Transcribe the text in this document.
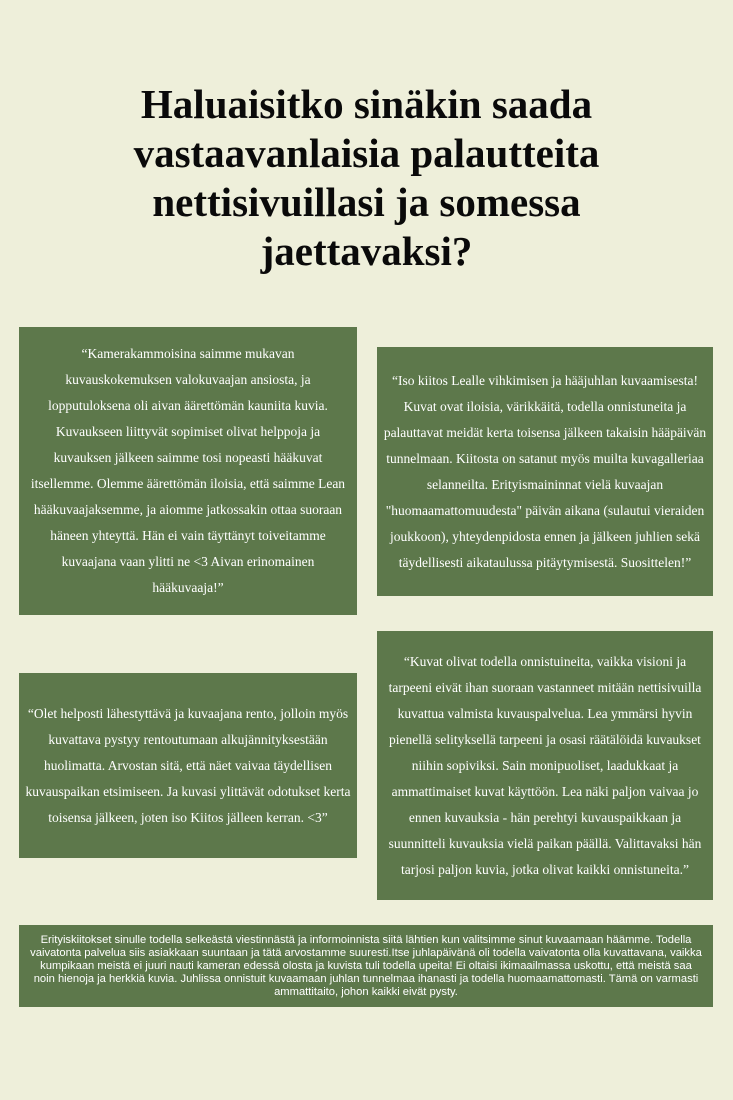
Haluaisitko sinäkin saada vastaavanlaisia palautteita nettisivuillasi ja somessa jaettavaksi?

“Kamerakammoisina saimme mukavan kuvauskokemuksen valokuvaajan ansiosta, ja lopputuloksena oli aivan äärettömän kauniita kuvia. Kuvaukseen liittyvät sopimiset olivat helppoja ja kuvauksen jälkeen saimme tosi nopeasti hääkuvat itsellemme. Olemme äärettömän iloisia, että saimme Lean hääkuvaajaksemme, ja aiomme jatkossakin ottaa suoraan häneen yhteyttä. Hän ei vain täyttänyt toiveitamme kuvaajana vaan ylitti ne <3 Aivan erinomainen hääkuvaaja!”

“Iso kiitos Lealle vihkimisen ja hääjuhlan kuvaamisesta! Kuvat ovat iloisia, värikkäitä, todella onnistuneita ja palauttavat meidät kerta toisensa jälkeen takaisin hääpäivän tunnelmaan. Kiitosta on satanut myös muilta kuvagalleriaa selanneilta. Erityismaininnat vielä kuvaajan "huomaamattomuudesta" päivän aikana (sulautui vieraiden joukkoon), yhteydenpidosta ennen ja jälkeen juhlien sekä täydellisesti aikataulussa pitäytymisestä. Suosittelen!”

“Olet helposti lähestyttävä ja kuvaajana rento, jolloin myös kuvattava pystyy rentoutumaan alkujännityksestään huolimatta. Arvostan sitä, että näet vaivaa täydellisen kuvauspaikan etsimiseen. Ja kuvasi ylittävät odotukset kerta toisensa jälkeen, joten iso Kiitos jälleen kerran. <3”

“Kuvat olivat todella onnistuineita, vaikka visioni ja tarpeeni eivät ihan suoraan vastanneet mitään nettisivuilla kuvattua valmista kuvauspalvelua. Lea ymmärsi hyvin pienellä selityksellä tarpeeni ja osasi räätälöidä kuvaukset niihin sopiviksi. Sain monipuoliset, laadukkaat ja ammattimaiset kuvat käyttöön. Lea näki paljon vaivaa jo ennen kuvauksia - hän perehtyi kuvauspaikkaan ja suunnitteli kuvauksia vielä paikan päällä. Valittavaksi hän tarjosi paljon kuvia, jotka olivat kaikki onnistuneita.”

Erityiskiitokset sinulle todella selkeästä viestinnästä ja informoinnista siitä lähtien kun valitsimme sinut kuvaamaan häämme. Todella vaivatonta palvelua siis asiakkaan suuntaan ja tätä arvostamme suuresti.Itse juhlapäivänä oli todella vaivatonta olla kuvattavana, vaikka kumpikaan meistä ei juuri nauti kameran edessä olosta ja kuvista tuli todella upeita! Ei oltaisi ikimaailmassa uskottu, että meistä saa noin hienoja ja herkkiä kuvia. Juhlissa onnistuit kuvaamaan juhlan tunnelmaa ihanasti ja todella huomaamattomasti. Tämä on varmasti ammattitaito, johon kaikki eivät pysty.
